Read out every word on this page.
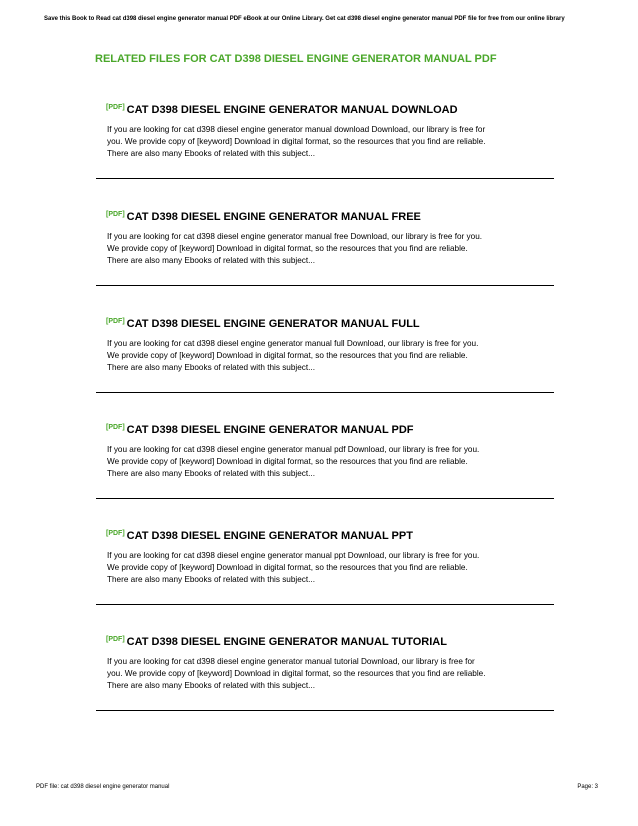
Save this Book to Read cat d398 diesel engine generator manual PDF eBook at our Online Library. Get cat d398 diesel engine generator manual PDF file for free from our online library
RELATED FILES FOR CAT D398 DIESEL ENGINE GENERATOR MANUAL PDF
[PDF] CAT D398 DIESEL ENGINE GENERATOR MANUAL DOWNLOAD
If you are looking for cat d398 diesel engine generator manual download Download, our library is free for
you. We provide copy of [keyword] Download in digital format, so the resources that you find are reliable.
There are also many Ebooks of related with this subject...
[PDF] CAT D398 DIESEL ENGINE GENERATOR MANUAL FREE
If you are looking for cat d398 diesel engine generator manual free Download, our library is free for you.
We provide copy of [keyword] Download in digital format, so the resources that you find are reliable.
There are also many Ebooks of related with this subject...
[PDF] CAT D398 DIESEL ENGINE GENERATOR MANUAL FULL
If you are looking for cat d398 diesel engine generator manual full Download, our library is free for you.
We provide copy of [keyword] Download in digital format, so the resources that you find are reliable.
There are also many Ebooks of related with this subject...
[PDF] CAT D398 DIESEL ENGINE GENERATOR MANUAL PDF
If you are looking for cat d398 diesel engine generator manual pdf Download, our library is free for you.
We provide copy of [keyword] Download in digital format, so the resources that you find are reliable.
There are also many Ebooks of related with this subject...
[PDF] CAT D398 DIESEL ENGINE GENERATOR MANUAL PPT
If you are looking for cat d398 diesel engine generator manual ppt Download, our library is free for you.
We provide copy of [keyword] Download in digital format, so the resources that you find are reliable.
There are also many Ebooks of related with this subject...
[PDF] CAT D398 DIESEL ENGINE GENERATOR MANUAL TUTORIAL
If you are looking for cat d398 diesel engine generator manual tutorial Download, our library is free for
you. We provide copy of [keyword] Download in digital format, so the resources that you find are reliable.
There are also many Ebooks of related with this subject...
PDF file: cat d398 diesel engine generator manual	Page: 3
